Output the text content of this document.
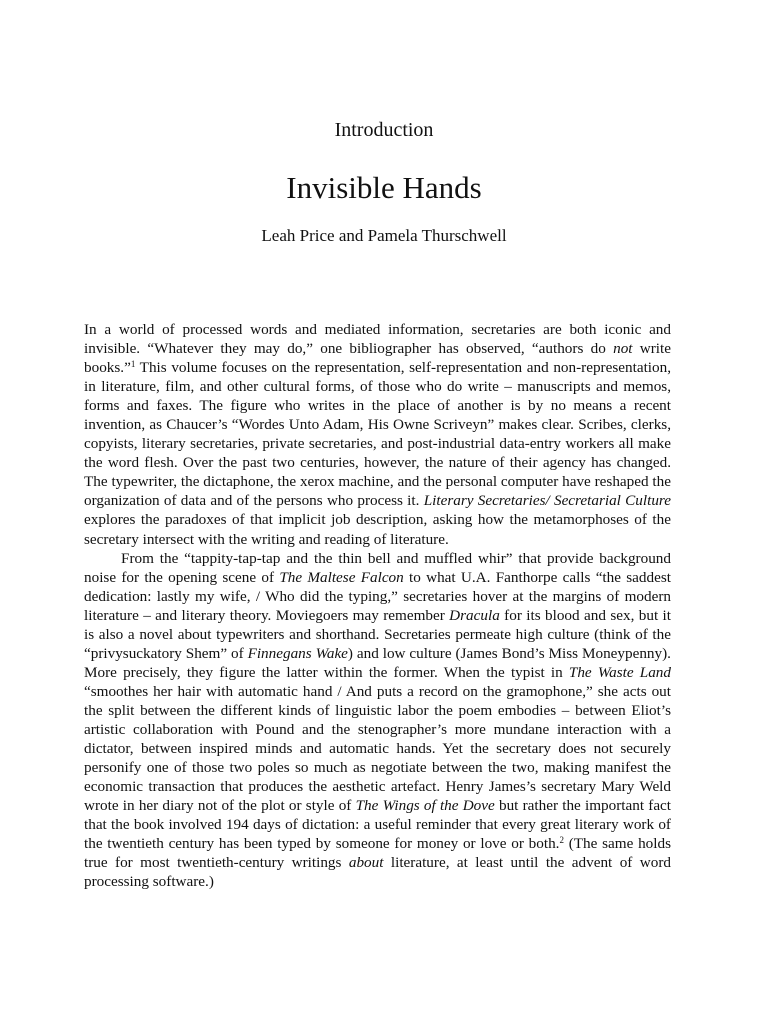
Introduction
Invisible Hands
Leah Price and Pamela Thurschwell

In a world of processed words and mediated information, secretaries are both iconic and invisible. “Whatever they may do,” one bibliographer has observed, “authors do not write books.”$^1$ This volume focuses on the representation, self-representation and non-representation, in literature, film, and other cultural forms, of those who do write – manuscripts and memos, forms and faxes. The figure who writes in the place of another is by no means a recent invention, as Chaucer’s “Wordes Unto Adam, His Owne Scriveyn” makes clear. Scribes, clerks, copyists, literary secretaries, private secretaries, and post-industrial data-entry workers all make the word flesh. Over the past two centuries, however, the nature of their agency has changed. The typewriter, the dictaphone, the xerox machine, and the personal computer have reshaped the organization of data and of the persons who process it. Literary Secretaries/ Secretarial Culture explores the paradoxes of that implicit job description, asking how the metamorphoses of the secretary intersect with the writing and reading of literature.

From the “tappity-tap-tap and the thin bell and muffled whir” that provide background noise for the opening scene of The Maltese Falcon to what U.A. Fanthorpe calls “the saddest dedication: lastly my wife, / Who did the typing,” secretaries hover at the margins of modern literature – and literary theory. Moviegoers may remember Dracula for its blood and sex, but it is also a novel about typewriters and shorthand. Secretaries permeate high culture (think of the “privysuckatory Shem” of Finnegans Wake) and low culture (James Bond’s Miss Moneypenny). More precisely, they figure the latter within the former. When the typist in The Waste Land “smoothes her hair with automatic hand / And puts a record on the gramophone,” she acts out the split between the different kinds of linguistic labor the poem embodies – between Eliot’s artistic collaboration with Pound and the stenographer’s more mundane interaction with a dictator, between inspired minds and automatic hands. Yet the secretary does not securely personify one of those two poles so much as negotiate between the two, making manifest the economic transaction that produces the aesthetic artefact. Henry James’s secretary Mary Weld wrote in her diary not of the plot or style of The Wings of the Dove but rather the important fact that the book involved 194 days of dictation: a useful reminder that every great literary work of the twentieth century has been typed by someone for money or love or both.$^2$ (The same holds true for most twentieth-century writings about literature, at least until the advent of word processing software.)
